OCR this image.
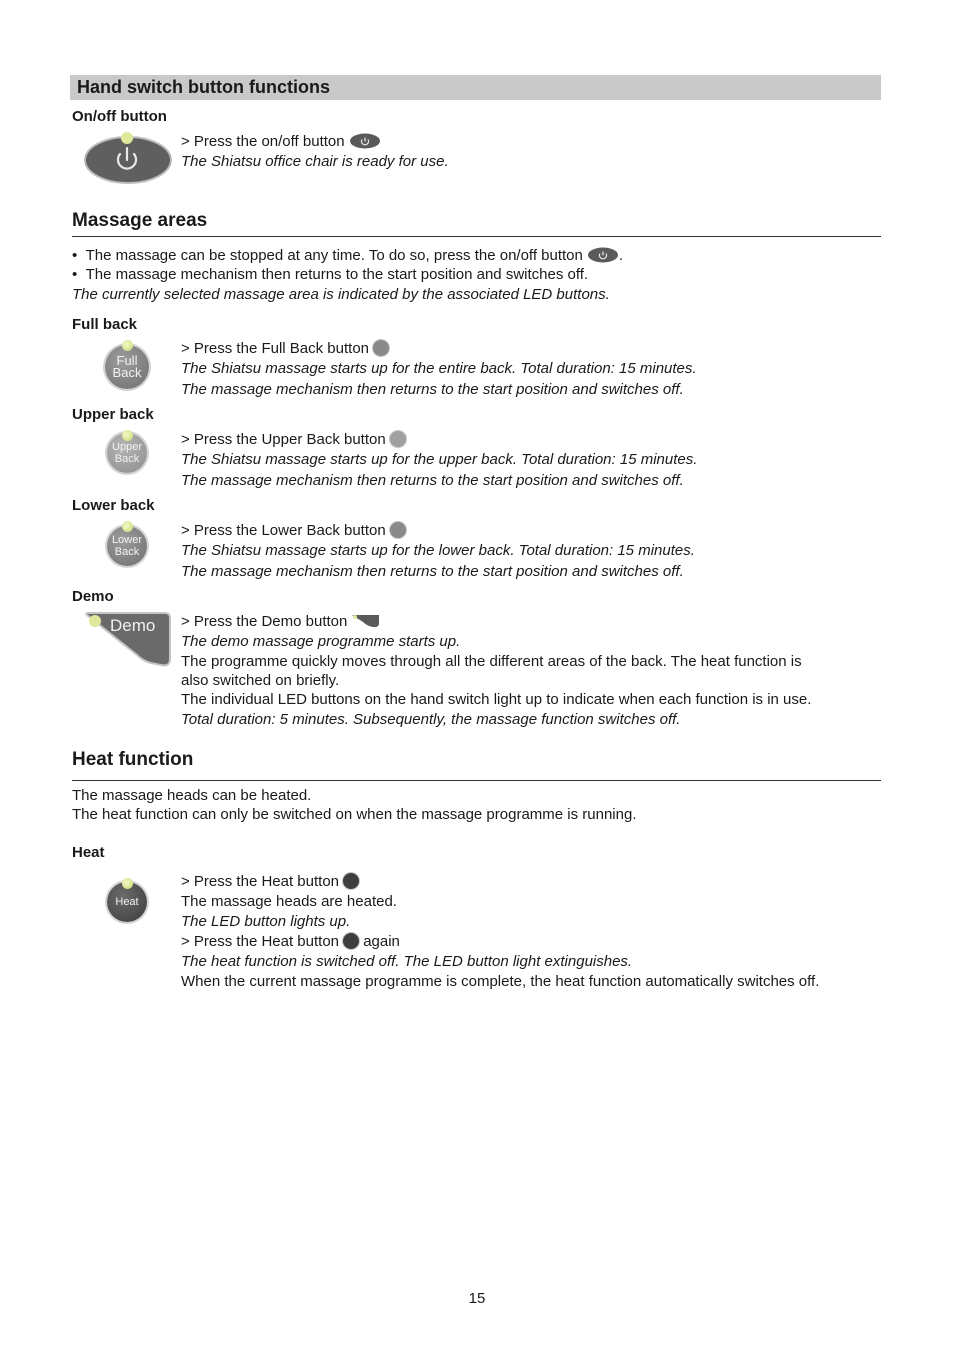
Hand switch button functions
On/off button
> Press the on/off button
The Shiatsu office chair is ready for use.
Massage areas
•  The massage can be stopped at any time. To do so, press the on/off button .
•  The massage mechanism then returns to the start position and switches off.
The currently selected massage area is indicated by the associated LED buttons.
Full back
Full
Back
> Press the Full Back button
The Shiatsu massage starts up for the entire back. Total duration: 15 minutes.
The massage mechanism then returns to the start position and switches off.
Upper back
Upper
Back
> Press the Upper Back button
The Shiatsu massage starts up for the upper back. Total duration: 15 minutes.
The massage mechanism then returns to the start position and switches off.
Lower back
Lower
Back
> Press the Lower Back button
The Shiatsu massage starts up for the lower back. Total duration: 15 minutes.
The massage mechanism then returns to the start position and switches off.
Demo
Demo > Press the Demo button
The demo massage programme starts up.
The programme quickly moves through all the different areas of the back. The heat function is
also switched on briefly.
The individual LED buttons on the hand switch light up to indicate when each function is in use.
Total duration: 5 minutes. Subsequently, the massage function switches off.
Heat function
The massage heads can be heated.
The heat function can only be switched on when the massage programme is running.
Heat
Heat
> Press the Heat button
The massage heads are heated.
The LED button lights up.
> Press the Heat button again
The heat function is switched off. The LED button light extinguishes.
When the current massage programme is complete, the heat function automatically switches off.
15
